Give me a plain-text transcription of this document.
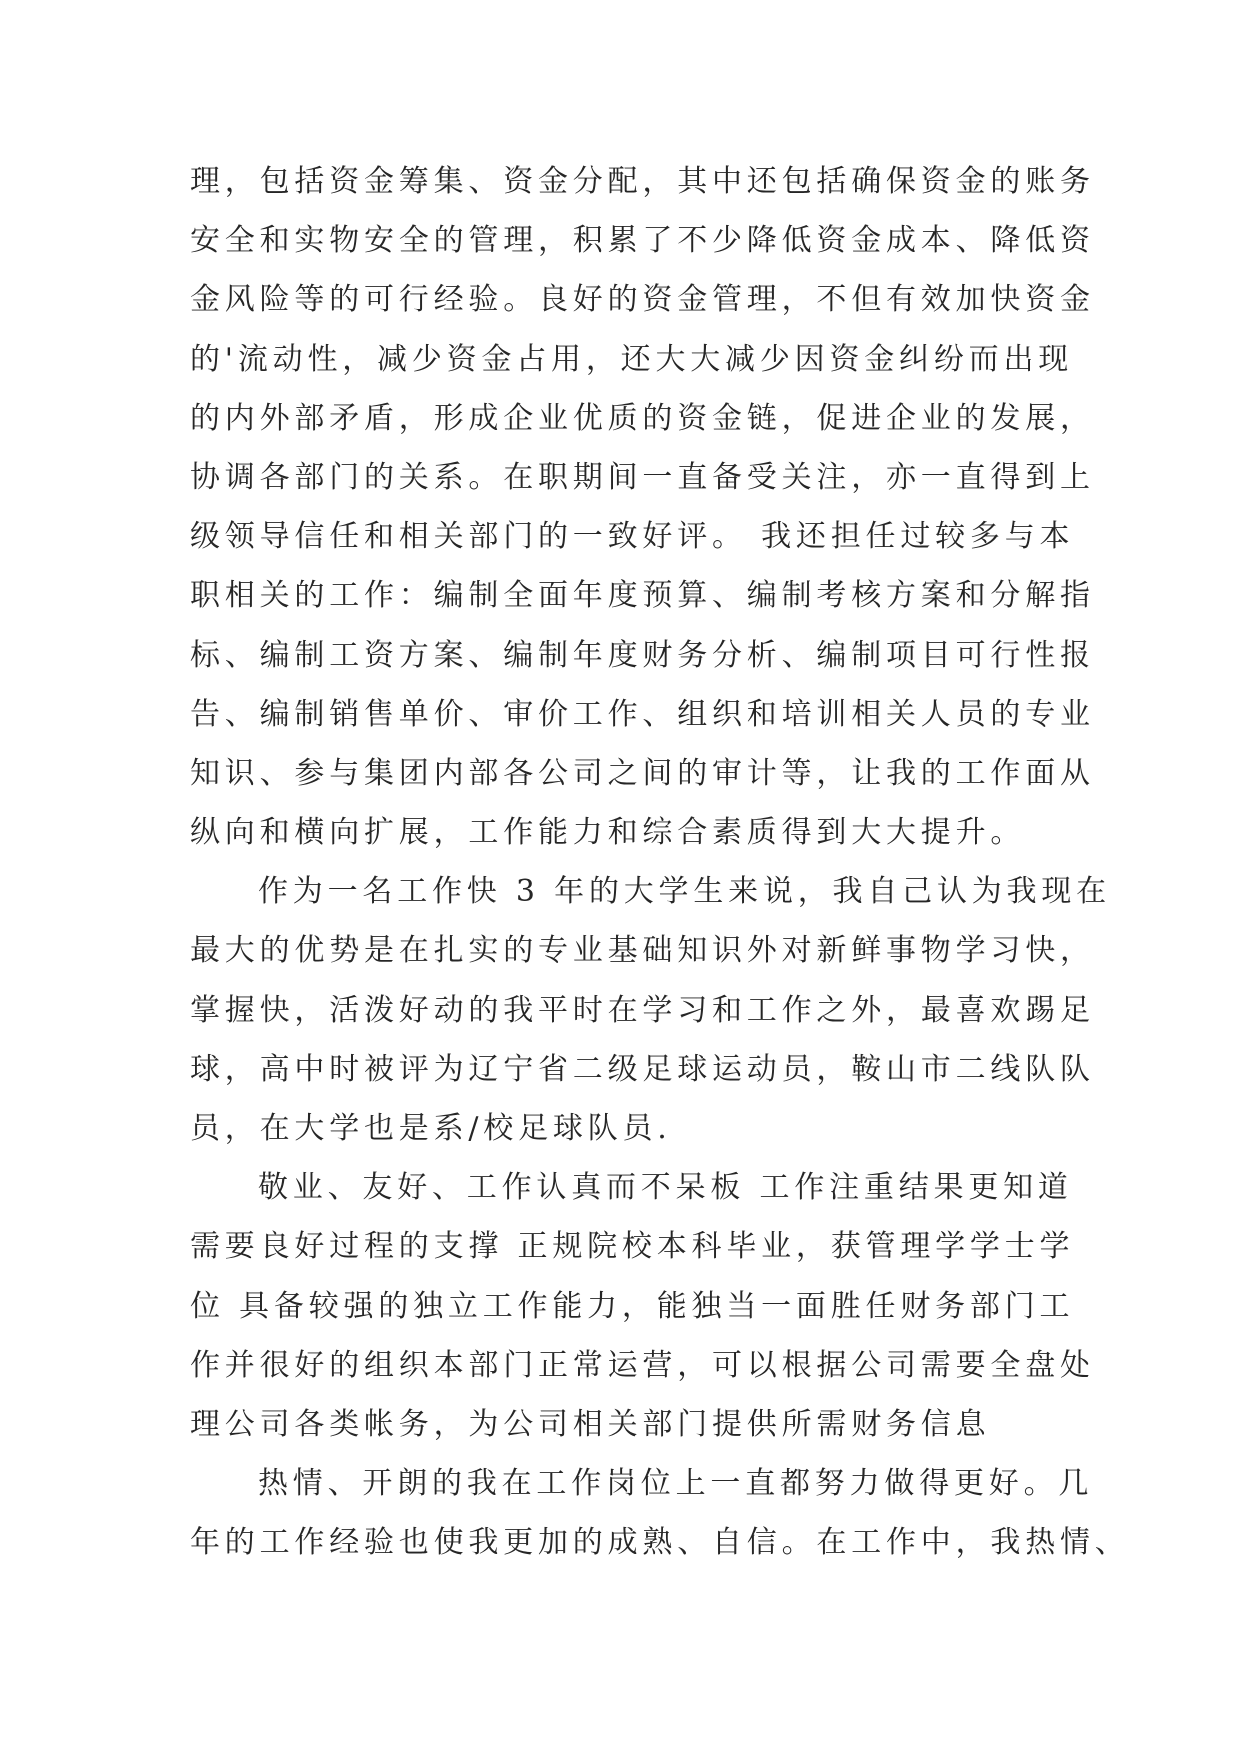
理，包括资金筹集、资金分配，其中还包括确保资金的账务
安全和实物安全的管理，积累了不少降低资金成本、降低资
金风险等的可行经验。良好的资金管理，不但有效加快资金
的'流动性，减少资金占用，还大大减少因资金纠纷而出现
的内外部矛盾，形成企业优质的资金链，促进企业的发展，
协调各部门的关系。在职期间一直备受关注，亦一直得到上
级领导信任和相关部门的一致好评。 我还担任过较多与本
职相关的工作：编制全面年度预算、编制考核方案和分解指
标、编制工资方案、编制年度财务分析、编制项目可行性报
告、编制销售单价、审价工作、组织和培训相关人员的专业
知识、参与集团内部各公司之间的审计等，让我的工作面从
纵向和横向扩展，工作能力和综合素质得到大大提升。
作为一名工作快 3 年的大学生来说，我自己认为我现在
最大的优势是在扎实的专业基础知识外对新鲜事物学习快，
掌握快，活泼好动的我平时在学习和工作之外，最喜欢踢足
球，高中时被评为辽宁省二级足球运动员，鞍山市二线队队
员，在大学也是系/校足球队员.
敬业、友好、工作认真而不呆板 工作注重结果更知道
需要良好过程的支撑 正规院校本科毕业，获管理学学士学
位 具备较强的独立工作能力，能独当一面胜任财务部门工
作并很好的组织本部门正常运营，可以根据公司需要全盘处
理公司各类帐务，为公司相关部门提供所需财务信息
热情、开朗的我在工作岗位上一直都努力做得更好。几
年的工作经验也使我更加的成熟、自信。在工作中，我热情、
